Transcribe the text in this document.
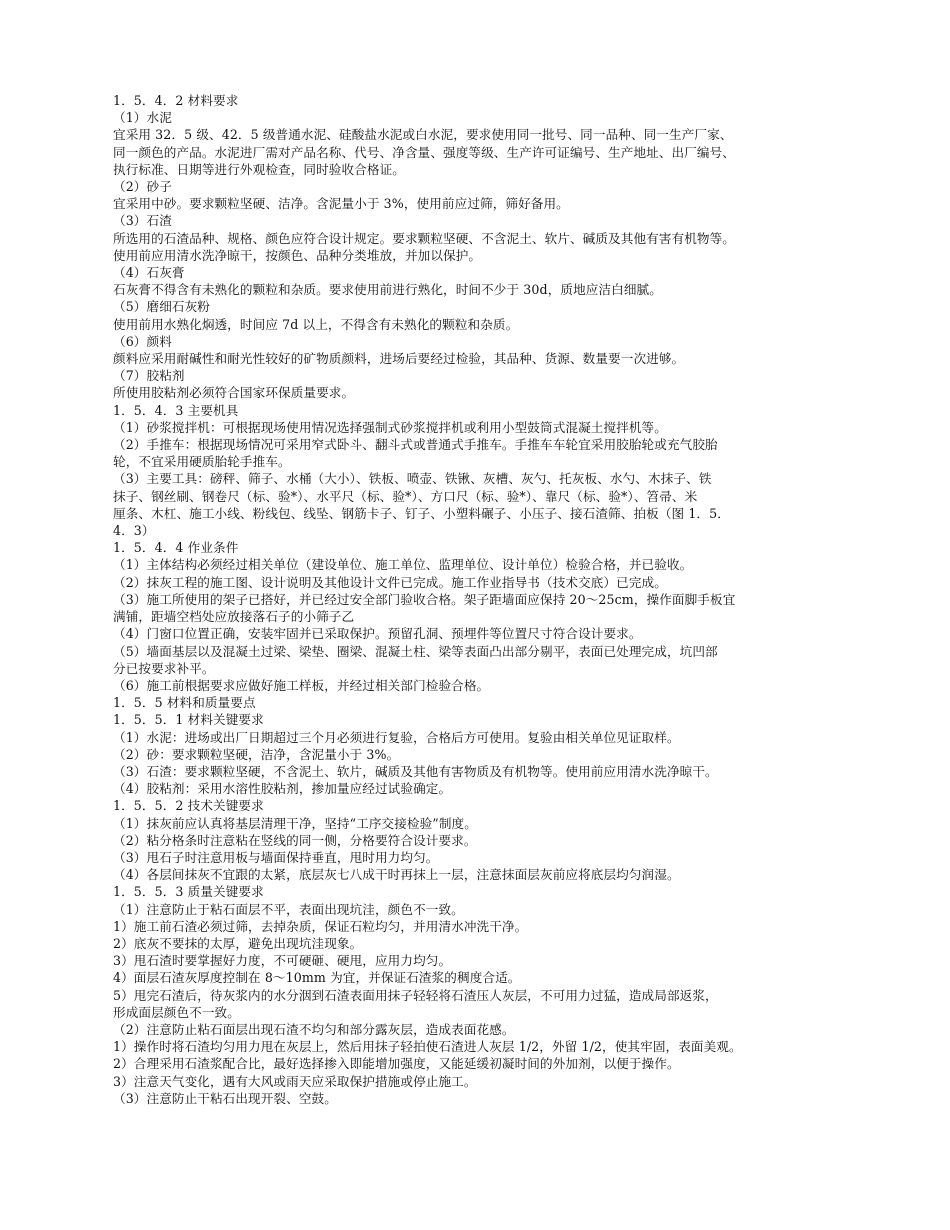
1．5．4．2 材料要求
（1）水泥
宜采用 32．5 级、42．5 级普通水泥、硅酸盐水泥或白水泥，要求使用同一批号、同一品种、同一生产厂家、
同一颜色的产品。水泥进厂需对产品名称、代号、净含量、强度等级、生产许可证编号、生产地址、出厂编号、
执行标准、日期等进行外观检查，同时验收合格证。
（2）砂子
宜采用中砂。要求颗粒坚硬、洁净。含泥量小于 3%，使用前应过筛，筛好备用。
（3）石渣
所选用的石渣品种、规格、颜色应符合设计规定。要求颗粒坚硬、不含泥土、软片、碱质及其他有害有机物等。
使用前应用清水洗净晾干，按颜色、品种分类堆放，并加以保护。
（4）石灰膏
石灰膏不得含有未熟化的颗粒和杂质。要求使用前进行熟化，时间不少于 30d，质地应洁白细腻。
（5）磨细石灰粉
使用前用水熟化焖透，时间应 7d 以上，不得含有未熟化的颗粒和杂质。
（6）颜料
颜料应采用耐碱性和耐光性较好的矿物质颜料，进场后要经过检验，其品种、货源、数量要一次进够。
（7）胶粘剂
所使用胶粘剂必须符合国家环保质量要求。
1．5．4．3 主要机具
（1）砂浆搅拌机：可根据现场使用情况选择强制式砂浆搅拌机或利用小型鼓筒式混凝土搅拌机等。
（2）手推车：根据现场情况可采用窄式卧斗、翻斗式或普通式手推车。手推车车轮宜采用胶胎轮或充气胶胎
轮，不宜采用硬质胎轮手推车。
（3）主要工具：磅秤、筛子、水桶（大小）、铁板、喷壶、铁锹、灰槽、灰勺、托灰板、水勺、木抹子、铁
抹子、钢丝刷、钢卷尺（标、验*）、水平尺（标、验*）、方口尺（标、验*）、靠尺（标、验*）、笤帚、米
厘条、木杠、施工小线、粉线包、线坠、钢筋卡子、钉子、小塑料碾子、小压子、接石渣筛、拍板（图 1．5．
4．3）
1．5．4．4 作业条件
（1）主体结构必须经过相关单位（建设单位、施工单位、监理单位、设计单位）检验合格，并已验收。
（2）抹灰工程的施工图、设计说明及其他设计文件已完成。施工作业指导书（技术交底）已完成。
（3）施工所使用的架子已搭好，并已经过安全部门验收合格。架子距墙面应保持 20～25cm，操作面脚手板宜
满铺，距墙空档处应放接落石子的小筛子乙
（4）门窗口位置正确，安装牢固并已采取保护。预留孔洞、预埋件等位置尺寸符合设计要求。
（5）墙面基层以及混凝土过梁、梁垫、圈梁、混凝土柱、梁等表面凸出部分剔平，表面已处理完成，坑凹部
分已按要求补平。
（6）施工前根据要求应做好施工样板，并经过相关部门检验合格。
1．5．5 材料和质量要点
1．5．5．1 材料关键要求
（1）水泥：进场或出厂日期超过三个月必须进行复验，合格后方可使用。复验由相关单位见证取样。
（2）砂：要求颗粒坚硬，洁净，含泥量小于 3%。
（3）石渣：要求颗粒坚硬，不含泥土、软片，碱质及其他有害物质及有机物等。使用前应用清水洗净晾干。
（4）胶粘剂：采用水溶性胶粘剂，掺加量应经过试验确定。
1．5．5．2 技术关键要求
（1）抹灰前应认真将基层清理干净，坚持“工序交接检验”制度。
（2）粘分格条时注意粘在竖线的同一侧，分格要符合设计要求。
（3）甩石子时注意用板与墙面保持垂直，甩时用力均匀。
（4）各层间抹灰不宜跟的太紧，底层灰七八成干时再抹上一层，注意抹面层灰前应将底层均匀润湿。
1．5．5．3 质量关键要求
（1）注意防止于粘石面层不平，表面出现坑洼，颜色不一致。
1）施工前石渣必须过筛，去掉杂质，保证石粒均匀，并用清水冲洗干净。
2）底灰不要抹的太厚，避免出现坑洼现象。
3）甩石渣时要掌握好力度，不可硬砸、硬甩，应用力均匀。
4）面层石渣灰厚度控制在 8～10mm 为宜，并保证石渣浆的稠度合适。
5）甩完石渣后，待灰浆内的水分洇到石渣表面用抹子轻轻将石渣压人灰层，不可用力过猛，造成局部返浆，
形成面层颜色不一致。
（2）注意防止粘石面层出现石渣不均匀和部分露灰层，造成表面花感。
1）操作时将石渣均匀用力甩在灰层上，然后用抹子轻拍使石渣进人灰层 1/2，外留 1/2，使其牢固，表面美观。
2）合理采用石渣浆配合比，最好选择掺入即能增加强度，又能延缓初凝时间的外加剂，以便于操作。
3）注意天气变化，遇有大风或雨天应采取保护措施或停止施工。
（3）注意防止干粘石出现开裂、空鼓。
